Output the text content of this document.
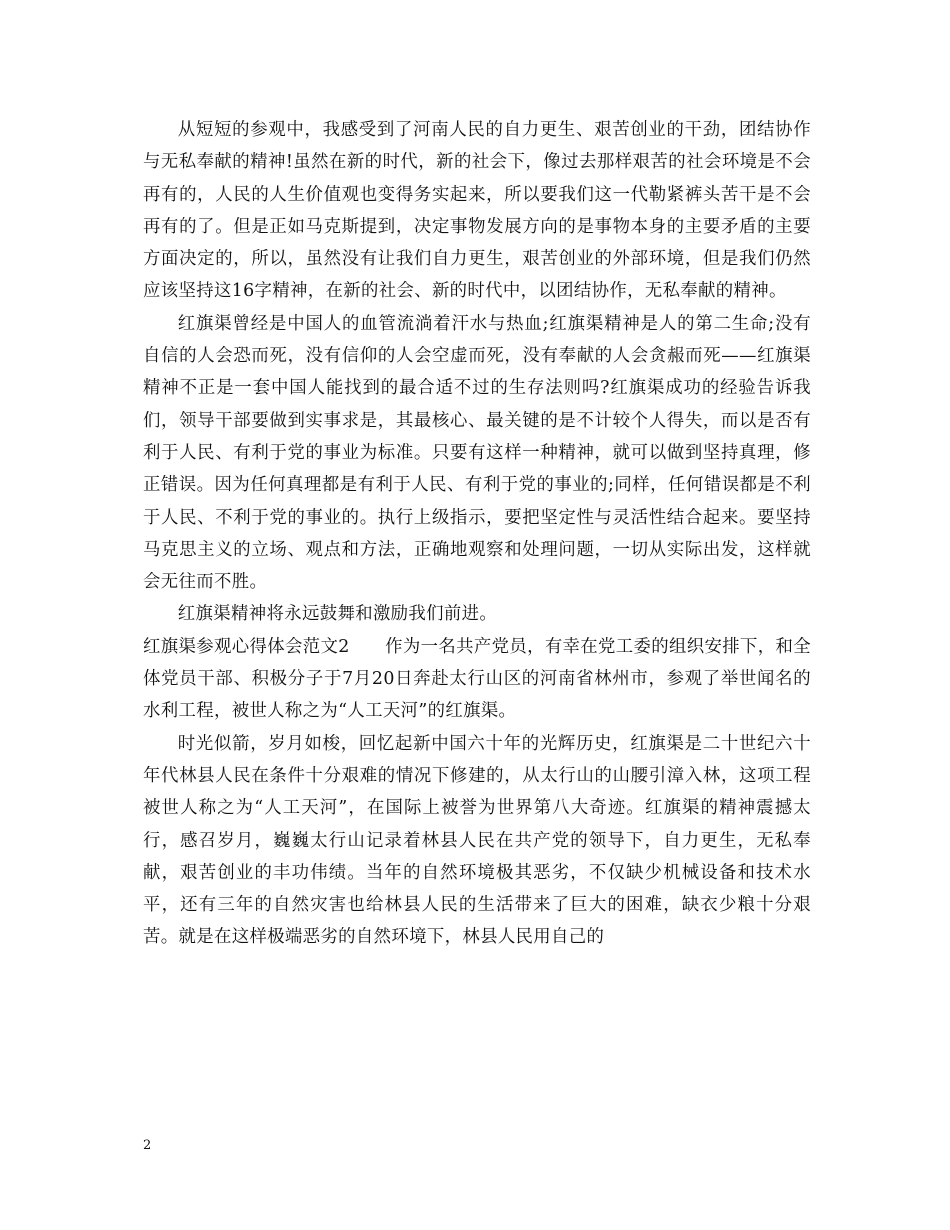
从短短的参观中，我感受到了河南人民的自力更生、艰苦创业的干劲，团结协作与无私奉献的精神!虽然在新的时代，新的社会下，像过去那样艰苦的社会环境是不会再有的，人民的人生价值观也变得务实起来，所以要我们这一代勒紧裤头苦干是不会再有的了。但是正如马克斯提到，决定事物发展方向的是事物本身的主要矛盾的主要方面决定的，所以，虽然没有让我们自力更生，艰苦创业的外部环境，但是我们仍然应该坚持这16字精神，在新的社会、新的时代中，以团结协作，无私奉献的精神。

红旗渠曾经是中国人的血管流淌着汗水与热血;红旗渠精神是人的第二生命;没有自信的人会恐而死，没有信仰的人会空虚而死，没有奉献的人会贪赧而死——红旗渠精神不正是一套中国人能找到的最合适不过的生存法则吗?红旗渠成功的经验告诉我们，领导干部要做到实事求是，其最核心、最关键的是不计较个人得失，而以是否有利于人民、有利于党的事业为标准。只要有这样一种精神，就可以做到坚持真理，修正错误。因为任何真理都是有利于人民、有利于党的事业的;同样，任何错误都是不利于人民、不利于党的事业的。执行上级指示，要把坚定性与灵活性结合起来。要坚持马克思主义的立场、观点和方法，正确地观察和处理问题，一切从实际出发，这样就会无往而不胜。

红旗渠精神将永远鼓舞和激励我们前进。

红旗渠参观心得体会范文2　　作为一名共产党员，有幸在党工委的组织安排下，和全体党员干部、积极分子于7月20日奔赴太行山区的河南省林州市，参观了举世闻名的水利工程，被世人称之为“人工天河”的红旗渠。

时光似箭，岁月如梭，回忆起新中国六十年的光辉历史，红旗渠是二十世纪六十年代林县人民在条件十分艰难的情况下修建的，从太行山的山腰引漳入林，这项工程被世人称之为“人工天河”，在国际上被誉为世界第八大奇迹。红旗渠的精神震撼太行，感召岁月，巍巍太行山记录着林县人民在共产党的领导下，自力更生，无私奉献，艰苦创业的丰功伟绩。当年的自然环境极其恶劣，不仅缺少机械设备和技术水平，还有三年的自然灾害也给林县人民的生活带来了巨大的困难，缺衣少粮十分艰苦。就是在这样极端恶劣的自然环境下，林县人民用自己的

2
